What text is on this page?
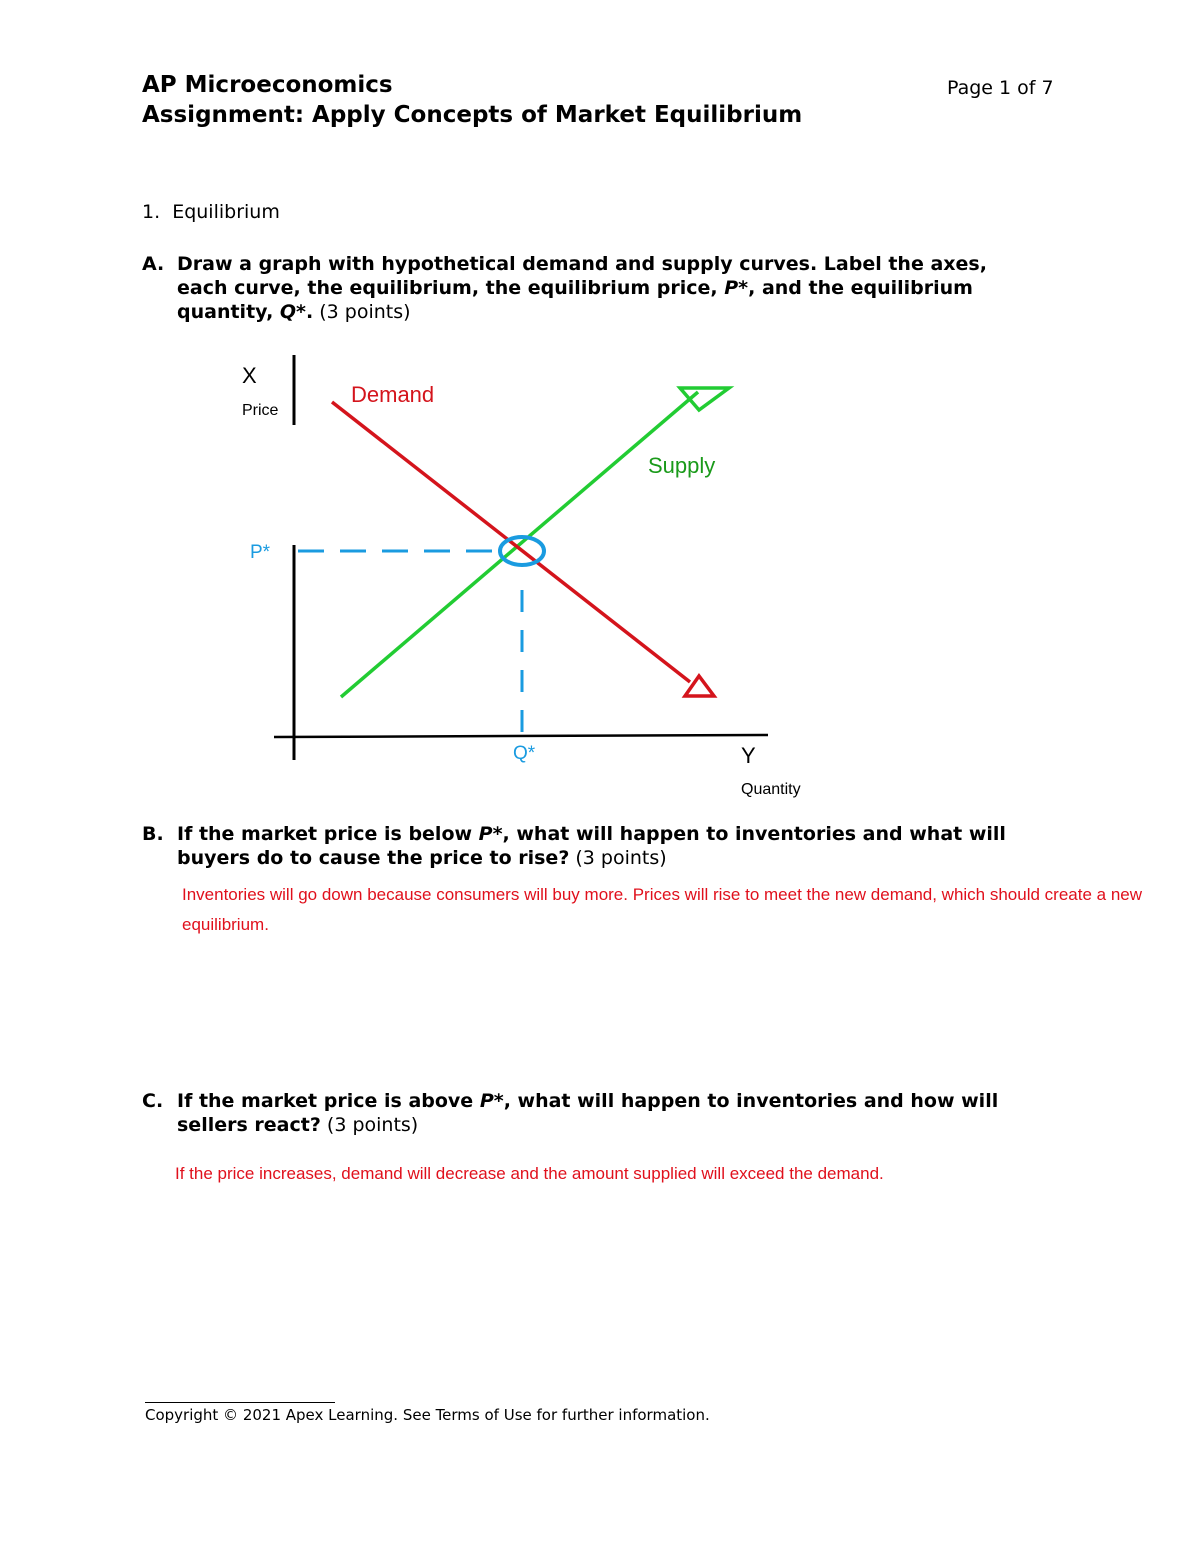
AP Microeconomics
Assignment: Apply Concepts of Market Equilibrium
Page 1 of 7
1. Equilibrium
A. Draw a graph with hypothetical demand and supply curves. Label the axes,
each curve, the equilibrium, the equilibrium price, P*, and the equilibrium
quantity, Q*. (3 points)
X
Price
Y
Quantity
Supply
Demand
P*
Q*
B. If the market price is below P*, what will happen to inventories and what will
buyers do to cause the price to rise? (3 points)
Inventories will go down because consumers will buy more. Prices will rise to meet the new demand, which should create a new
equilibrium.
C. If the market price is above P*, what will happen to inventories and how will
sellers react? (3 points)
If the price increases, demand will decrease and the amount supplied will exceed the demand.
Copyright © 2021 Apex Learning. See Terms of Use for further information.
